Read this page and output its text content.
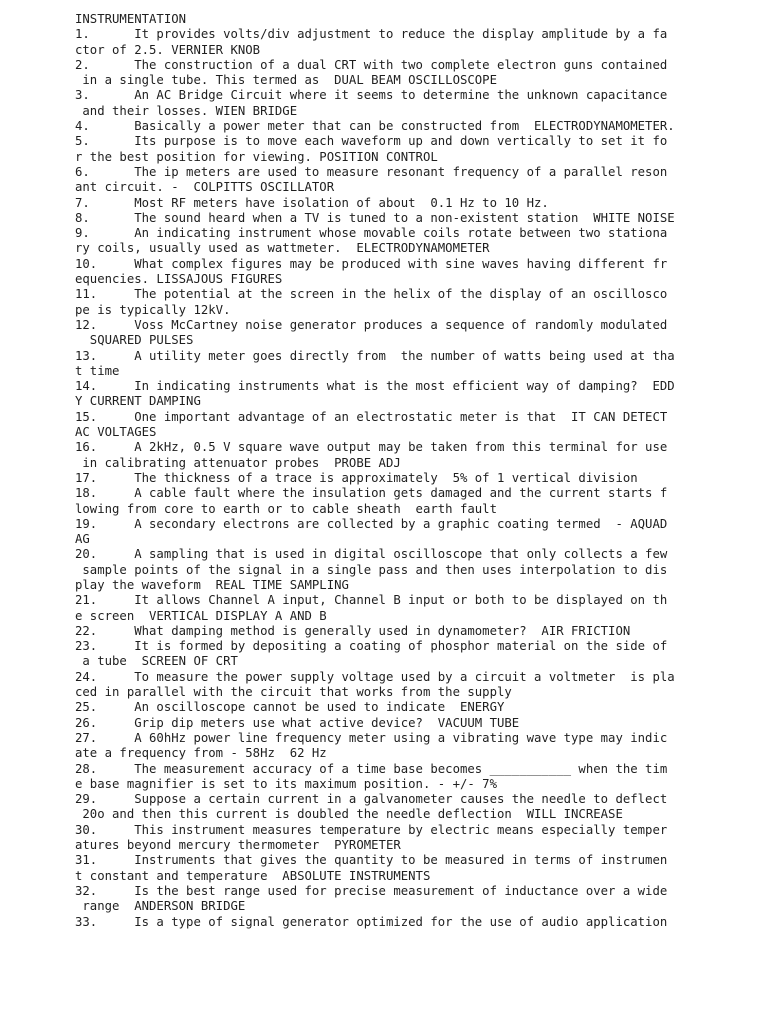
INSTRUMENTATION
1.      It provides volts/div adjustment to reduce the display amplitude by a fa
ctor of 2.5. VERNIER KNOB
2.      The construction of a dual CRT with two complete electron guns contained
in a single tube. This termed as  DUAL BEAM OSCILLOSCOPE
3.      An AC Bridge Circuit where it seems to determine the unknown capacitance
and their losses. WIEN BRIDGE
4.      Basically a power meter that can be constructed from  ELECTRODYNAMOMETER.
5.      Its purpose is to move each waveform up and down vertically to set it fo
r the best position for viewing. POSITION CONTROL
6.      The ip meters are used to measure resonant frequency of a parallel reson
ant circuit. -  COLPITTS OSCILLATOR
7.      Most RF meters have isolation of about  0.1 Hz to 10 Hz.
8.      The sound heard when a TV is tuned to a non-existent station  WHITE NOISE
9.      An indicating instrument whose movable coils rotate between two stationa
ry coils, usually used as wattmeter.  ELECTRODYNAMOMETER
10.     What complex figures may be produced with sine waves having different fr
equencies. LISSAJOUS FIGURES
11.     The potential at the screen in the helix of the display of an oscillosco
pe is typically 12kV.
12.     Voss McCartney noise generator produces a sequence of randomly modulated
SQUARED PULSES
13.     A utility meter goes directly from  the number of watts being used at tha
t time
14.     In indicating instruments what is the most efficient way of damping?  EDD
Y CURRENT DAMPING
15.     One important advantage of an electrostatic meter is that  IT CAN DETECT
AC VOLTAGES
16.     A 2kHz, 0.5 V square wave output may be taken from this terminal for use
in calibrating attenuator probes  PROBE ADJ
17.     The thickness of a trace is approximately  5% of 1 vertical division
18.     A cable fault where the insulation gets damaged and the current starts f
lowing from core to earth or to cable sheath  earth fault
19.     A secondary electrons are collected by a graphic coating termed  - AQUAD
AG
20.     A sampling that is used in digital oscilloscope that only collects a few
sample points of the signal in a single pass and then uses interpolation to dis
play the waveform  REAL TIME SAMPLING
21.     It allows Channel A input, Channel B input or both to be displayed on th
e screen  VERTICAL DISPLAY A AND B
22.     What damping method is generally used in dynamometer?  AIR FRICTION
23.     It is formed by depositing a coating of phosphor material on the side of
a tube  SCREEN OF CRT
24.     To measure the power supply voltage used by a circuit a voltmeter  is pla
ced in parallel with the circuit that works from the supply
25.     An oscilloscope cannot be used to indicate  ENERGY
26.     Grip dip meters use what active device?  VACUUM TUBE
27.     A 60hHz power line frequency meter using a vibrating wave type may indic
ate a frequency from - 58Hz  62 Hz
28.     The measurement accuracy of a time base becomes ___________ when the tim
e base magnifier is set to its maximum position. - +/- 7%
29.     Suppose a certain current in a galvanometer causes the needle to deflect
20o and then this current is doubled the needle deflection  WILL INCREASE
30.     This instrument measures temperature by electric means especially temper
atures beyond mercury thermometer  PYROMETER
31.     Instruments that gives the quantity to be measured in terms of instrumen
t constant and temperature  ABSOLUTE INSTRUMENTS
32.     Is the best range used for precise measurement of inductance over a wide
range  ANDERSON BRIDGE
33.     Is a type of signal generator optimized for the use of audio application
